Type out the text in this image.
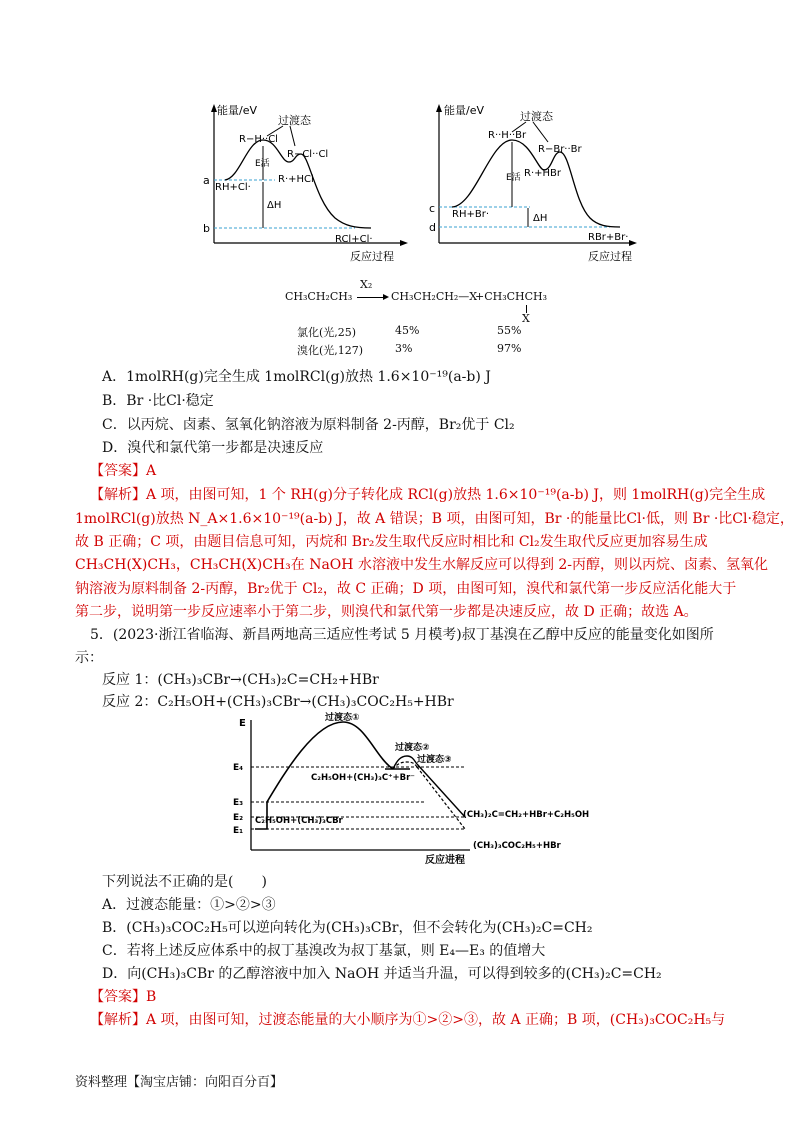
能量/eV
反应过程
a
b
过渡态
R−H··Cl
R−Cl··Cl
E活
R·+HCl
RH+Cl·
ΔH
RCl+Cl·
能量/eV
反应过程
c
d
过渡态
R··H··Br
R−Br··Br
E活 R·+HBr
RH+Br·	ΔH
RBr+Br·
X₂
CH₃CH₂CH₃	CH₃CH₂CH₂—X
+CH₃CHCH₃
X
氯化(光,25)	45%	55%
溴化(光,127)	3%	97%
A．1molRH(g)完全生成 1molRCl(g)放热 1.6×10⁻¹⁹(a-b) J
B．Br ·比Cl·稳定
C．以丙烷、卤素、氢氧化钠溶液为原料制备 2-丙醇，Br₂优于 Cl₂
D．溴代和氯代第一步都是决速反应
【答案】A
【解析】A 项，由图可知，1 个 RH(g)分子转化成 RCl(g)放热 1.6×10⁻¹⁹(a-b) J，则 1molRH(g)完全生成
1molRCl(g)放热 N_A×1.6×10⁻¹⁹(a-b) J，故 A 错误；B 项，由图可知，Br ·的能量比Cl·低，则 Br ·比Cl·稳定，
故 B 正确；C 项，由题目信息可知，丙烷和 Br₂发生取代反应时相比和 Cl₂发生取代反应更加容易生成
CH₃CH(X)CH₃，CH₃CH(X)CH₃在 NaOH 水溶液中发生水解反应可以得到 2-丙醇，则以丙烷、卤素、氢氧化
钠溶液为原料制备 2-丙醇，Br₂优于 Cl₂，故 C 正确；D 项，由图可知，溴代和氯代第一步反应活化能大于
第二步，说明第一步反应速率小于第二步，则溴代和氯代第一步都是决速反应，故 D 正确；故选 A。
5．(2023·浙江省临海、新昌两地高三适应性考试 5 月模考)叔丁基溴在乙醇中反应的能量变化如图所
示：
反应 1：(CH₃)₃CBr→(CH₃)₂C=CH₂+HBr
反应 2：C₂H₅OH+(CH₃)₃CBr→(CH₃)₃COC₂H₅+HBr
E
反应进程
E₄
E₃
E₂
E₁
过渡态①
过渡态②
过渡态③
C₂H₅OH+(CH₃)₃C⁺+Br⁻
C₂H₅OH+(CH₃)₃CBr
(CH₃)₂C=CH₂+HBr+C₂H₅OH
(CH₃)₃COC₂H₅+HBr
下列说法不正确的是(　　)
A．过渡态能量：①>②>③
B．(CH₃)₃COC₂H₅可以逆向转化为(CH₃)₃CBr，但不会转化为(CH₃)₂C=CH₂
C．若将上述反应体系中的叔丁基溴改为叔丁基氯，则 E₄—E₃ 的值增大
D．向(CH₃)₃CBr 的乙醇溶液中加入 NaOH 并适当升温，可以得到较多的(CH₃)₂C=CH₂
【答案】B
【解析】A 项，由图可知，过渡态能量的大小顺序为①>②>③，故 A 正确；B 项，(CH₃)₃COC₂H₅与
资料整理【淘宝店铺：向阳百分百】
